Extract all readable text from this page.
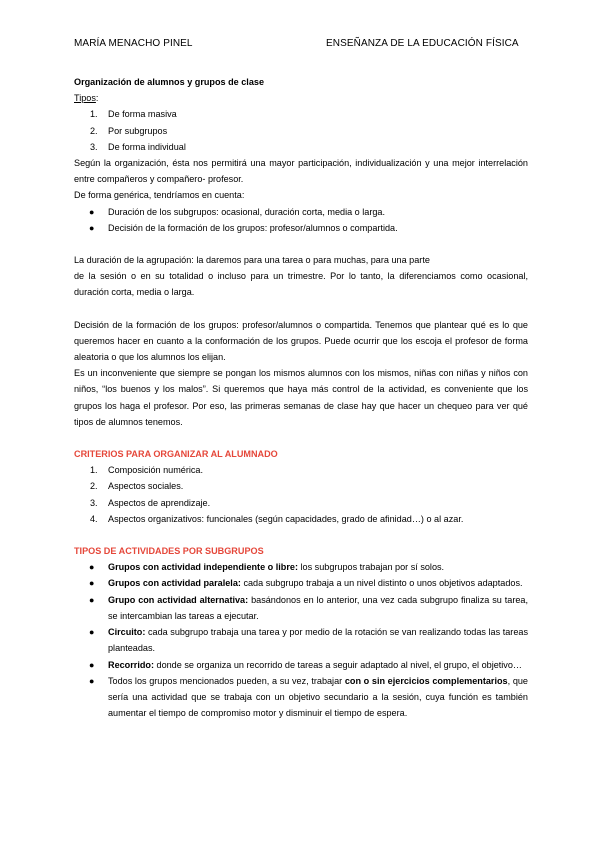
MARÍA MENACHO PINEL	ENSEÑANZA DE LA EDUCACIÓN FÍSICA

Organización de alumnos y grupos de clase

Tipos:

1. De forma masiva
2. Por subgrupos
3. De forma individual

Según la organización, ésta nos permitirá una mayor participación, individualización y una mejor interrelación entre compañeros y compañero- profesor.

De forma genérica, tendríamos en cuenta:

● Duración de los subgrupos: ocasional, duración corta, media o larga.
● Decisión de la formación de los grupos: profesor/alumnos o compartida.

La duración de la agrupación: la daremos para una tarea o para muchas, para una parte

de la sesión o en su totalidad o incluso para un trimestre. Por lo tanto, la diferenciamos como ocasional, duración corta, media o larga.

Decisión de la formación de los grupos: profesor/alumnos o compartida. Tenemos que plantear qué es lo que queremos hacer en cuanto a la conformación de los grupos. Puede ocurrir que los escoja el profesor de forma aleatoria o que los alumnos los elijan.

Es un inconveniente que siempre se pongan los mismos alumnos con los mismos, niñas con niñas y niños con niños, “los buenos y los malos”. Si queremos que haya más control de la actividad, es conveniente que los grupos los haga el profesor. Por eso, las primeras semanas de clase hay que hacer un chequeo para ver qué tipos de alumnos tenemos.

CRITERIOS PARA ORGANIZAR AL ALUMNADO

1. Composición numérica.
2. Aspectos sociales.
3. Aspectos de aprendizaje.
4. Aspectos organizativos: funcionales (según capacidades, grado de afinidad…) o al azar.

TIPOS DE ACTIVIDADES POR SUBGRUPOS

● Grupos con actividad independiente o libre: los subgrupos trabajan por sí solos.
● Grupos con actividad paralela: cada subgrupo trabaja a un nivel distinto o unos objetivos adaptados.
● Grupo con actividad alternativa: basándonos en lo anterior, una vez cada subgrupo finaliza su tarea, se intercambian las tareas a ejecutar.
● Circuito: cada subgrupo trabaja una tarea y por medio de la rotación se van realizando todas las tareas planteadas.
● Recorrido: donde se organiza un recorrido de tareas a seguir adaptado al nivel, el grupo, el objetivo…
● Todos los grupos mencionados pueden, a su vez, trabajar con o sin ejercicios complementarios, que sería una actividad que se trabaja con un objetivo secundario a la sesión, cuya función es también aumentar el tiempo de compromiso motor y disminuir el tiempo de espera.
